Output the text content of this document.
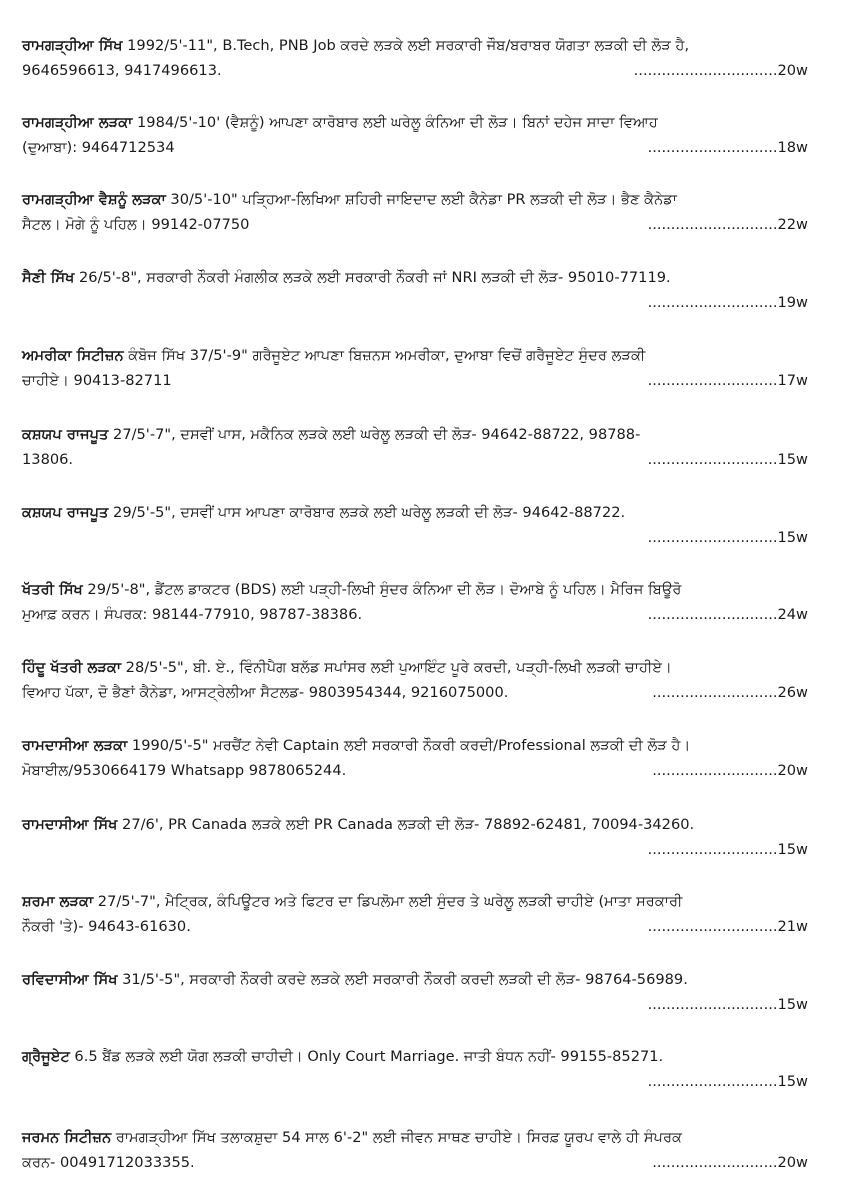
ਰਾਮਗੜ੍ਹੀਆ ਸਿੱਖ 1992/5'-11", B.Tech, PNB Job ਕਰਦੇ ਲੜਕੇ ਲਈ ਸਰਕਾਰੀ ਜੌਬ/ਬਰਾਬਰ ਯੋਗਤਾ ਲੜਕੀ ਦੀ ਲੋੜ ਹੈ,
9646596613, 9417496613.	...............................20w
ਰਾਮਗੜ੍ਹੀਆ ਲੜਕਾ 1984/5'-10' (ਵੈਸ਼ਨੂੰ) ਆਪਣਾ ਕਾਰੋਬਾਰ ਲਈ ਘਰੇਲੂ ਕੰਨਿਆ ਦੀ ਲੋੜ। ਬਿਨਾਂ ਦਹੇਜ ਸਾਦਾ ਵਿਆਹ
(ਦੁਆਬਾ): 9464712534	............................18w
ਰਾਮਗੜ੍ਹੀਆ ਵੈਸ਼ਨੂੰ ਲੜਕਾ 30/5'-10" ਪੜ੍ਹਿਆ-ਲਿਖਿਆ ਸ਼ਹਿਰੀ ਜਾਇਦਾਦ ਲਈ ਕੈਨੇਡਾ PR ਲੜਕੀ ਦੀ ਲੋੜ। ਭੈਣ ਕੈਨੇਡਾ
ਸੈਟਲ। ਮੋਗੇ ਨੂੰ ਪਹਿਲ। 99142-07750	............................22w
ਸੈਣੀ ਸਿੱਖ 26/5'-8", ਸਰਕਾਰੀ ਨੌਕਰੀ ਮੰਗਲੀਕ ਲੜਕੇ ਲਈ ਸਰਕਾਰੀ ਨੌਕਰੀ ਜਾਂ NRI ਲੜਕੀ ਦੀ ਲੋੜ- 95010-77119.
............................19w
ਅਮਰੀਕਾ ਸਿਟੀਜ਼ਨ ਕੰਬੋਜ ਸਿੱਖ 37/5'-9" ਗਰੈਜੂਏਟ ਆਪਣਾ ਬਿਜ਼ਨਸ ਅਮਰੀਕਾ, ਦੁਆਬਾ ਵਿਚੋਂ ਗਰੈਜੂਏਟ ਸੁੰਦਰ ਲੜਕੀ
ਚਾਹੀਏ। 90413-82711	............................17w
ਕਸ਼ਯਪ ਰਾਜਪੂਤ 27/5'-7", ਦਸਵੀਂ ਪਾਸ, ਮਕੈਨਿਕ ਲੜਕੇ ਲਈ ਘਰੇਲੂ ਲੜਕੀ ਦੀ ਲੋੜ- 94642-88722, 98788-
13806.	............................15w
ਕਸ਼ਯਪ ਰਾਜਪੂਤ 29/5'-5", ਦਸਵੀਂ ਪਾਸ ਆਪਣਾ ਕਾਰੋਬਾਰ ਲੜਕੇ ਲਈ ਘਰੇਲੂ ਲੜਕੀ ਦੀ ਲੋੜ- 94642-88722.
............................15w
ਖੱਤਰੀ ਸਿੱਖ 29/5'-8", ਡੈਂਟਲ ਡਾਕਟਰ (BDS) ਲਈ ਪੜ੍ਹੀ-ਲਿਖੀ ਸੁੰਦਰ ਕੰਨਿਆ ਦੀ ਲੋੜ। ਦੋਆਬੇ ਨੂੰ ਪਹਿਲ। ਮੈਰਿਜ ਬਿਊਰੋ
ਮੁਆਫ਼ ਕਰਨ। ਸੰਪਰਕ: 98144-77910, 98787-38386.	............................24w
ਹਿੰਦੂ ਖੱਤਰੀ ਲੜਕਾ 28/5'-5", ਬੀ. ਏ., ਵਿੰਨੀਪੈਗ ਬਲੱਡ ਸਪਾਂਸਰ ਲਈ ਪੁਆਇੰਟ ਪੂਰੇ ਕਰਦੀ, ਪੜ੍ਹੀ-ਲਿਖੀ ਲੜਕੀ ਚਾਹੀਏ।
ਵਿਆਹ ਪੱਕਾ, ਦੋ ਭੈਣਾਂ ਕੈਨੇਡਾ, ਆਸਟ੍ਰੇਲੀਆ ਸੈਟਲਡ- 9803954344, 9216075000.	...........................26w
ਰਾਮਦਾਸੀਆ ਲੜਕਾ 1990/5'-5" ਮਰਚੈਂਟ ਨੇਵੀ Captain ਲਈ ਸਰਕਾਰੀ ਨੌਕਰੀ ਕਰਦੀ/Professional ਲੜਕੀ ਦੀ ਲੋੜ ਹੈ।
ਮੋਬਾਈਲ/9530664179 Whatsapp 9878065244.	...........................20w
ਰਾਮਦਾਸੀਆ ਸਿੱਖ 27/6', PR Canada ਲੜਕੇ ਲਈ PR Canada ਲੜਕੀ ਦੀ ਲੋੜ- 78892-62481, 70094-34260.
............................15w
ਸ਼ਰਮਾ ਲੜਕਾ 27/5'-7", ਮੈਟ੍ਰਿਕ, ਕੰਪਿਊਟਰ ਅਤੇ ਫਿਟਰ ਦਾ ਡਿਪਲੋਮਾ ਲਈ ਸੁੰਦਰ ਤੇ ਘਰੇਲੂ ਲੜਕੀ ਚਾਹੀਏ (ਮਾਤਾ ਸਰਕਾਰੀ
ਨੌਕਰੀ 'ਤੇ)- 94643-61630.	............................21w
ਰਵਿਦਾਸੀਆ ਸਿੱਖ 31/5'-5", ਸਰਕਾਰੀ ਨੌਕਰੀ ਕਰਦੇ ਲੜਕੇ ਲਈ ਸਰਕਾਰੀ ਨੌਕਰੀ ਕਰਦੀ ਲੜਕੀ ਦੀ ਲੋੜ- 98764-56989.
............................15w
ਗ੍ਰੈਜੂਏਟ 6.5 ਬੈਂਡ ਲੜਕੇ ਲਈ ਯੋਗ ਲੜਕੀ ਚਾਹੀਦੀ। Only Court Marriage. ਜਾਤੀ ਬੰਧਨ ਨਹੀਂ- 99155-85271.
............................15w
ਜਰਮਨ ਸਿਟੀਜ਼ਨ ਰਾਮਗੜ੍ਹੀਆ ਸਿੱਖ ਤਲਾਕਸ਼ੁਦਾ 54 ਸਾਲ 6'-2" ਲਈ ਜੀਵਨ ਸਾਥਣ ਚਾਹੀਏ। ਸਿਰਫ਼ ਯੂਰਪ ਵਾਲੇ ਹੀ ਸੰਪਰਕ
ਕਰਨ- 00491712033355.	...........................20w
